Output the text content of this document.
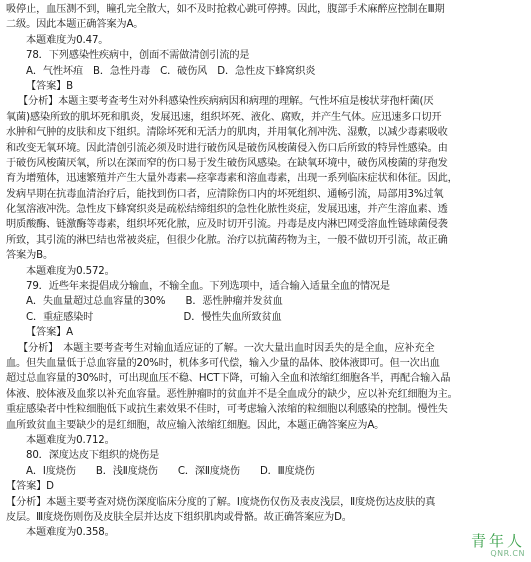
吸停止，血压测不到，瞳孔完全散大，如不及时抢救心跳可停搏。因此，腹部手术麻醉应控制在Ⅲ期
二级。因此本题正确答案为A。
本题难度为0.47。
78．下列感染性疾病中，创面不需做清创引流的是
A．气性坏疽　B．急性丹毒　C．破伤风　D．急性皮下蜂窝织炎
【答案】B
【分析】本题主要考查考生对外科感染性疾病病因和病理的理解。气性坏疽是梭状芽孢杆菌(厌
氧菌)感染所致的肌坏死和肌炎，发展迅速，组织坏死、液化、腐败，并产生气体。应迅速多口切开
水肿和气肿的皮肤和皮下组织。清除坏死和无活力的肌肉，并用氧化剂冲洗、湿敷，以减少毒素吸收
和改变无氧环境。因此清创引流必须及时进行破伤风是破伤风梭菌侵入伤口后所致的特异性感染。由
于破伤风梭菌厌氧，所以在深而窄的伤口易于发生破伤风感染。在缺氧环境中，破伤风梭菌的芽孢发
育为增殖体，迅速繁殖并产生大量外毒素—痉挛毒素和溶血毒素，出现一系列临床症状和体征。因此，
发病早期在抗毒血清治疗后，能找到伤口者，应清除伤口内的坏死组织、通畅引流，局部用3%过氧
化氢溶液冲洗。急性皮下蜂窝织炎是疏松结缔组织的急性化脓性炎症，发展迅速，并产生溶血素、透
明质酸酶、链激酶等毒素，组织坏死化脓，应及时切开引流。丹毒是皮内淋巴网受溶血性链球菌侵袭
所致，其引流的淋巴结也常被炎症，但很少化脓。治疗以抗菌药物为主，一般不做切开引流，故正确
答案为B。
本题难度为0.572。
79．近些年来提倡成分输血，不输全血。下列选项中，适合输入适量全血的情况是
A．失血量超过总血容量的30%　　B．恶性肿瘤并发贫血
C．重症感染时　　　　　　　　　D．慢性失血所致贫血
【答案】A
【分析】　本题主要考查考生对输血适应证的了解。一次大量出血时因丢失的是全血，应补充全
血。但失血量低于总血容量的20%时，机体多可代偿，输入少量的晶体、胶体液即可。但一次出血
超过总血容量的30%时，可出现血压不稳、HCT下降，可输入全血和浓缩红细胞各半，再配合输入晶
体液、胶体液及血浆以补充血容量。恶性肿瘤时的贫血并不是全血成分的缺少，应以补充红细胞为主。
重症感染者中性粒细胞低下或抗生素效果不佳时，可考虑输入浓缩的粒细胞以利感染的控制。慢性失
血所致贫血主要缺少的是红细胞，故应输入浓缩红细胞。因此，本题正确答案应为A。
本题难度为0.712。
80．深度达皮下组织的烧伤是
A．Ⅰ度烧伤　　B．浅Ⅱ度烧伤　　C．深Ⅱ度烧伤　　D．Ⅲ度烧伤
【答案】D
【分析】本题主要考查对烧伤深度临床分度的了解。Ⅰ度烧伤仅伤及表皮浅层，Ⅱ度烧伤达皮肤的真
皮层。Ⅲ度烧伤则伤及皮肤全层并达皮下组织肌肉或骨骼。故正确答案应为D。
本题难度为0.358。	青年人
QNR.CN
